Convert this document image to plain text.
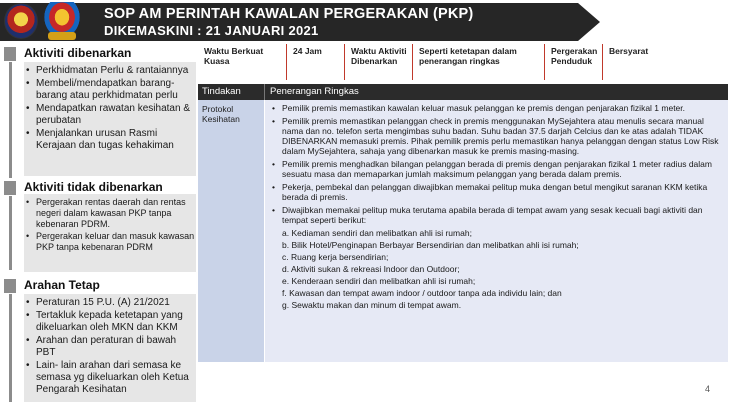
SOP AM PERINTAH KAWALAN PERGERAKAN (PKP)
DIKEMASKINI : 21 JANUARI 2021
Aktiviti dibenarkan
• Perkhidmatan Perlu & rantaiannya
• Membeli/mendapatkan barang-barang atau perkhidmatan perlu
• Mendapatkan rawatan kesihatan & perubatan
• Menjalankan urusan Rasmi Kerajaan dan tugas kehakiman
Aktiviti tidak dibenarkan
• Pergerakan rentas daerah dan rentas negeri dalam kawasan PKP tanpa kebenaran PDRM.
• Pergerakan keluar dan masuk kawasan PKP tanpa kebenaran PDRM
Arahan Tetap
• Peraturan 15 P.U. (A) 21/2021
• Tertakluk kepada ketetapan yang dikeluarkan oleh MKN dan KKM
• Arahan dan peraturan di bawah PBT
• Lain- lain arahan dari semasa ke semasa yg dikeluarkan oleh Ketua Pengarah Kesihatan
Waktu Berkuat Kuasa
24 Jam	Waktu Aktiviti Dibenarkan
Seperti ketetapan dalam penerangan ringkas
Pergerakan Penduduk
Bersyarat
Tindakan	Penerangan Ringkas
Protokol Kesihatan
• Pemilik premis memastikan kawalan keluar masuk pelanggan ke premis dengan penjarakan fizikal 1 meter.
• Pemilik premis memastikan pelanggan check in premis menggunakan MySejahtera atau menulis secara manual nama dan no. telefon serta mengimbas suhu badan. Suhu badan 37.5 darjah Celcius dan ke atas adalah TIDAK DIBENARKAN memasuki premis. Pihak pemilik premis perlu memastikan hanya pelanggan dengan status Low Risk dalam MySejahtera, sahaja yang dibenarkan masuk ke premis masing-masing.
• Pemilik premis menghadkan bilangan pelanggan berada di premis dengan penjarakan fizikal 1 meter radius dalam sesuatu masa dan memaparkan jumlah maksimum pelanggan yang berada dalam premis.
• Pekerja, pembekal dan pelanggan diwajibkan memakai pelitup muka dengan betul mengikut saranan KKM ketika berada di premis.
• Diwajibkan memakai pelitup muka terutama apabila berada di tempat awam yang sesak kecuali bagi aktiviti dan tempat seperti berikut:
a. Kediaman sendiri dan melibatkan ahli isi rumah;
b. Bilik Hotel/Penginapan Berbayar Bersendirian dan melibatkan ahli isi rumah;
c. Ruang kerja bersendirian;
d. Aktiviti sukan & rekreasi Indoor dan Outdoor;
e. Kenderaan sendiri dan melibatkan ahli isi rumah;
f. Kawasan dan tempat awam indoor / outdoor tanpa ada individu lain; dan
g. Sewaktu makan dan minum di tempat awam.
4
